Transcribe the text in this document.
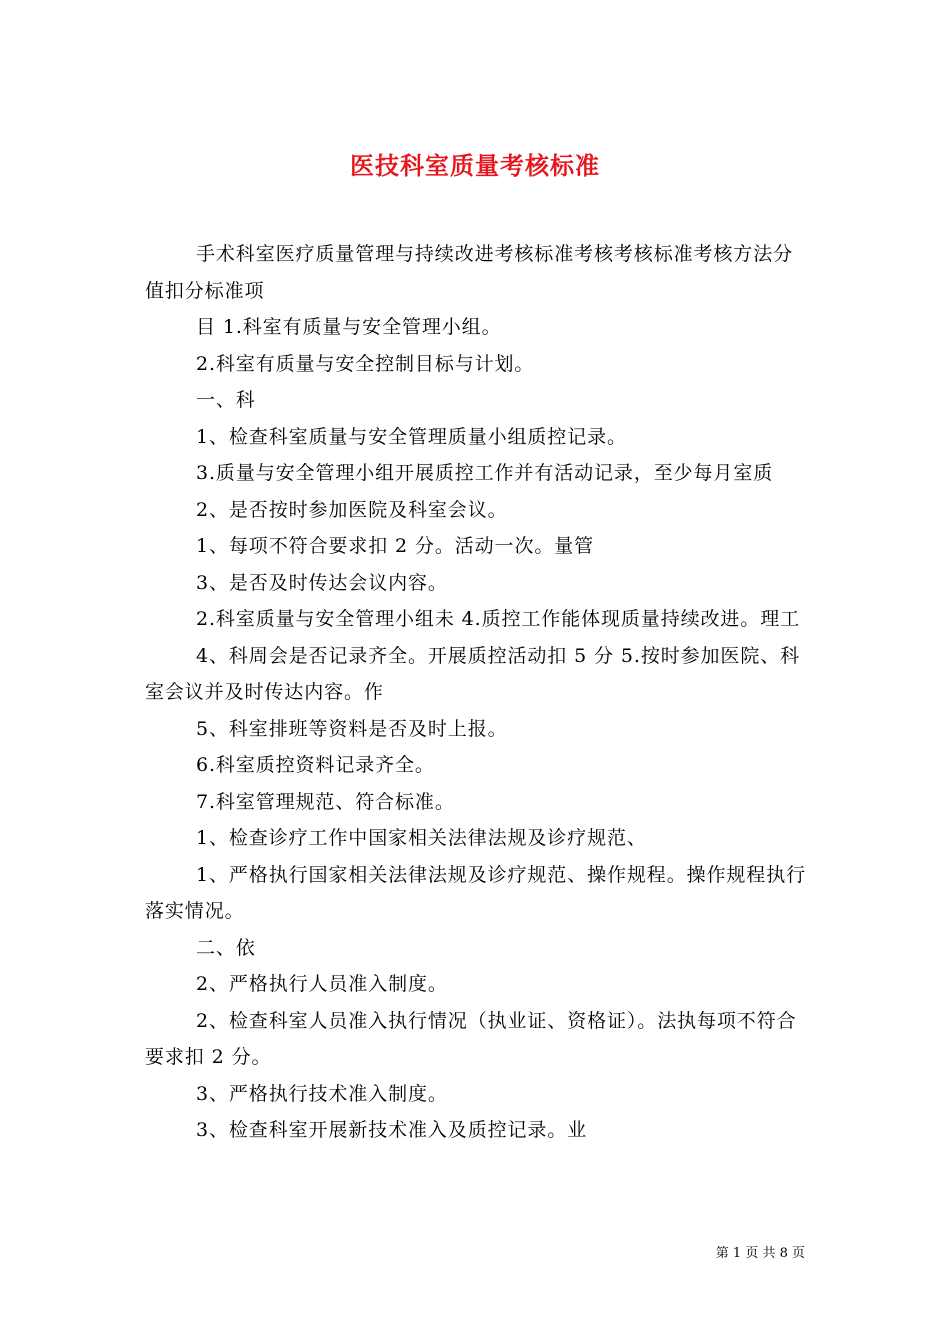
医技科室质量考核标准

手术科室医疗质量管理与持续改进考核标准考核考核标准考核方法分值扣分标准项

目 1.科室有质量与安全管理小组。

2.科室有质量与安全控制目标与计划。

一、科

1、检查科室质量与安全管理质量小组质控记录。

3.质量与安全管理小组开展质控工作并有活动记录，至少每月室质

2、是否按时参加医院及科室会议。

1、每项不符合要求扣 2 分。活动一次。量管

3、是否及时传达会议内容。

2.科室质量与安全管理小组未 4.质控工作能体现质量持续改进。理工

4、科周会是否记录齐全。开展质控活动扣 5 分 5.按时参加医院、科室会议并及时传达内容。作

5、科室排班等资料是否及时上报。

6.科室质控资料记录齐全。

7.科室管理规范、符合标准。

1、检查诊疗工作中国家相关法律法规及诊疗规范、

1、严格执行国家相关法律法规及诊疗规范、操作规程。操作规程执行落实情况。

二、依

2、严格执行人员准入制度。

2、检查科室人员准入执行情况（执业证、资格证）。法执每项不符合要求扣 2 分。

3、严格执行技术准入制度。

3、检查科室开展新技术准入及质控记录。业

第 1 页 共 8 页
